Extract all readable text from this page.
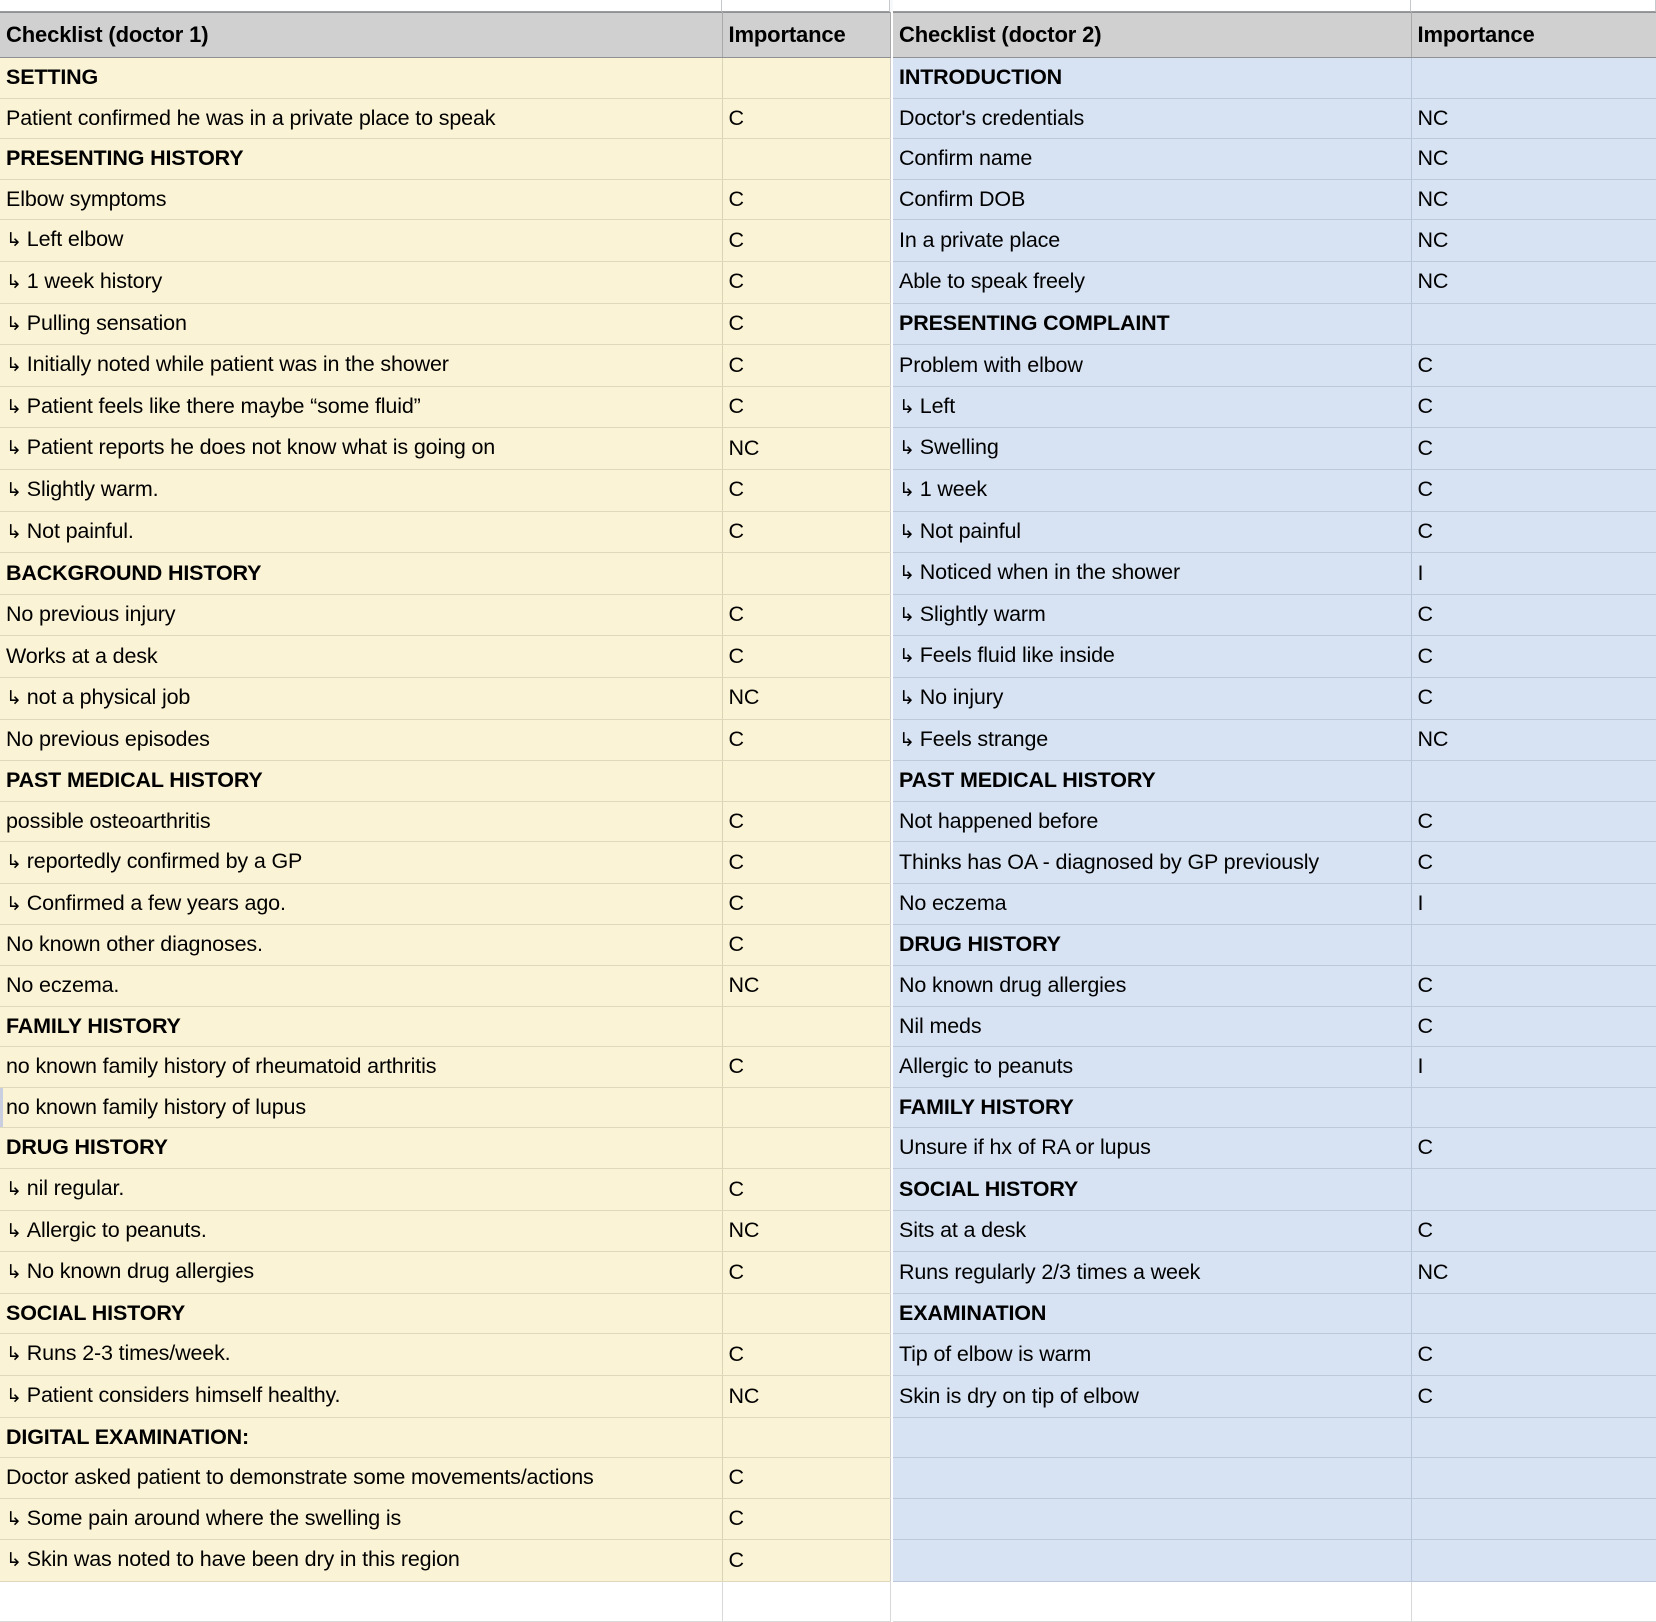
Checklist (doctor 1)	Importance		Checklist (doctor 2)	Importance
SETTING			INTRODUCTION	
Patient confirmed he was in a private place to speak	C		Doctor's credentials	NC
PRESENTING HISTORY			Confirm name	NC
Elbow symptoms	C		Confirm DOB	NC
↳ Left elbow	C		In a private place	NC
↳ 1 week history	C		Able to speak freely	NC
↳ Pulling sensation	C		PRESENTING COMPLAINT	
↳ Initially noted while patient was in the shower	C		Problem with elbow	C
↳ Patient feels like there maybe “some fluid”	C		↳ Left	C
↳ Patient reports he does not know what is going on	NC		↳ Swelling	C
↳ Slightly warm.	C		↳ 1 week	C
↳ Not painful.	C		↳ Not painful	C
BACKGROUND HISTORY			↳ Noticed when in the shower	I
No previous injury	C		↳ Slightly warm	C
Works at a desk	C		↳ Feels fluid like inside	C
↳ not a physical job	NC		↳ No injury	C
No previous episodes	C		↳ Feels strange	NC
PAST MEDICAL HISTORY			PAST MEDICAL HISTORY	
possible osteoarthritis	C		Not happened before	C
↳ reportedly confirmed by a GP	C		Thinks has OA - diagnosed by GP previously	C
↳ Confirmed a few years ago.	C		No eczema	I
No known other diagnoses.	C		DRUG HISTORY	
No eczema.	NC		No known drug allergies	C
FAMILY HISTORY			Nil meds	C
no known family history of rheumatoid arthritis	C		Allergic to peanuts	I
no known family history of lupus			FAMILY HISTORY	
DRUG HISTORY			Unsure if hx of RA or lupus	C
↳ nil regular.	C		SOCIAL HISTORY	
↳ Allergic to peanuts.	NC		Sits at a desk	C
↳ No known drug allergies	C		Runs regularly 2/3 times a week	NC
SOCIAL HISTORY			EXAMINATION	
↳ Runs 2-3 times/week.	C		Tip of elbow is warm	C
↳ Patient considers himself healthy.	NC		Skin is dry on tip of elbow	C
DIGITAL EXAMINATION:				
Doctor asked patient to demonstrate some movements/actions	C			
↳ Some pain around where the swelling is	C			
↳ Skin was noted to have been dry in this region	C			
